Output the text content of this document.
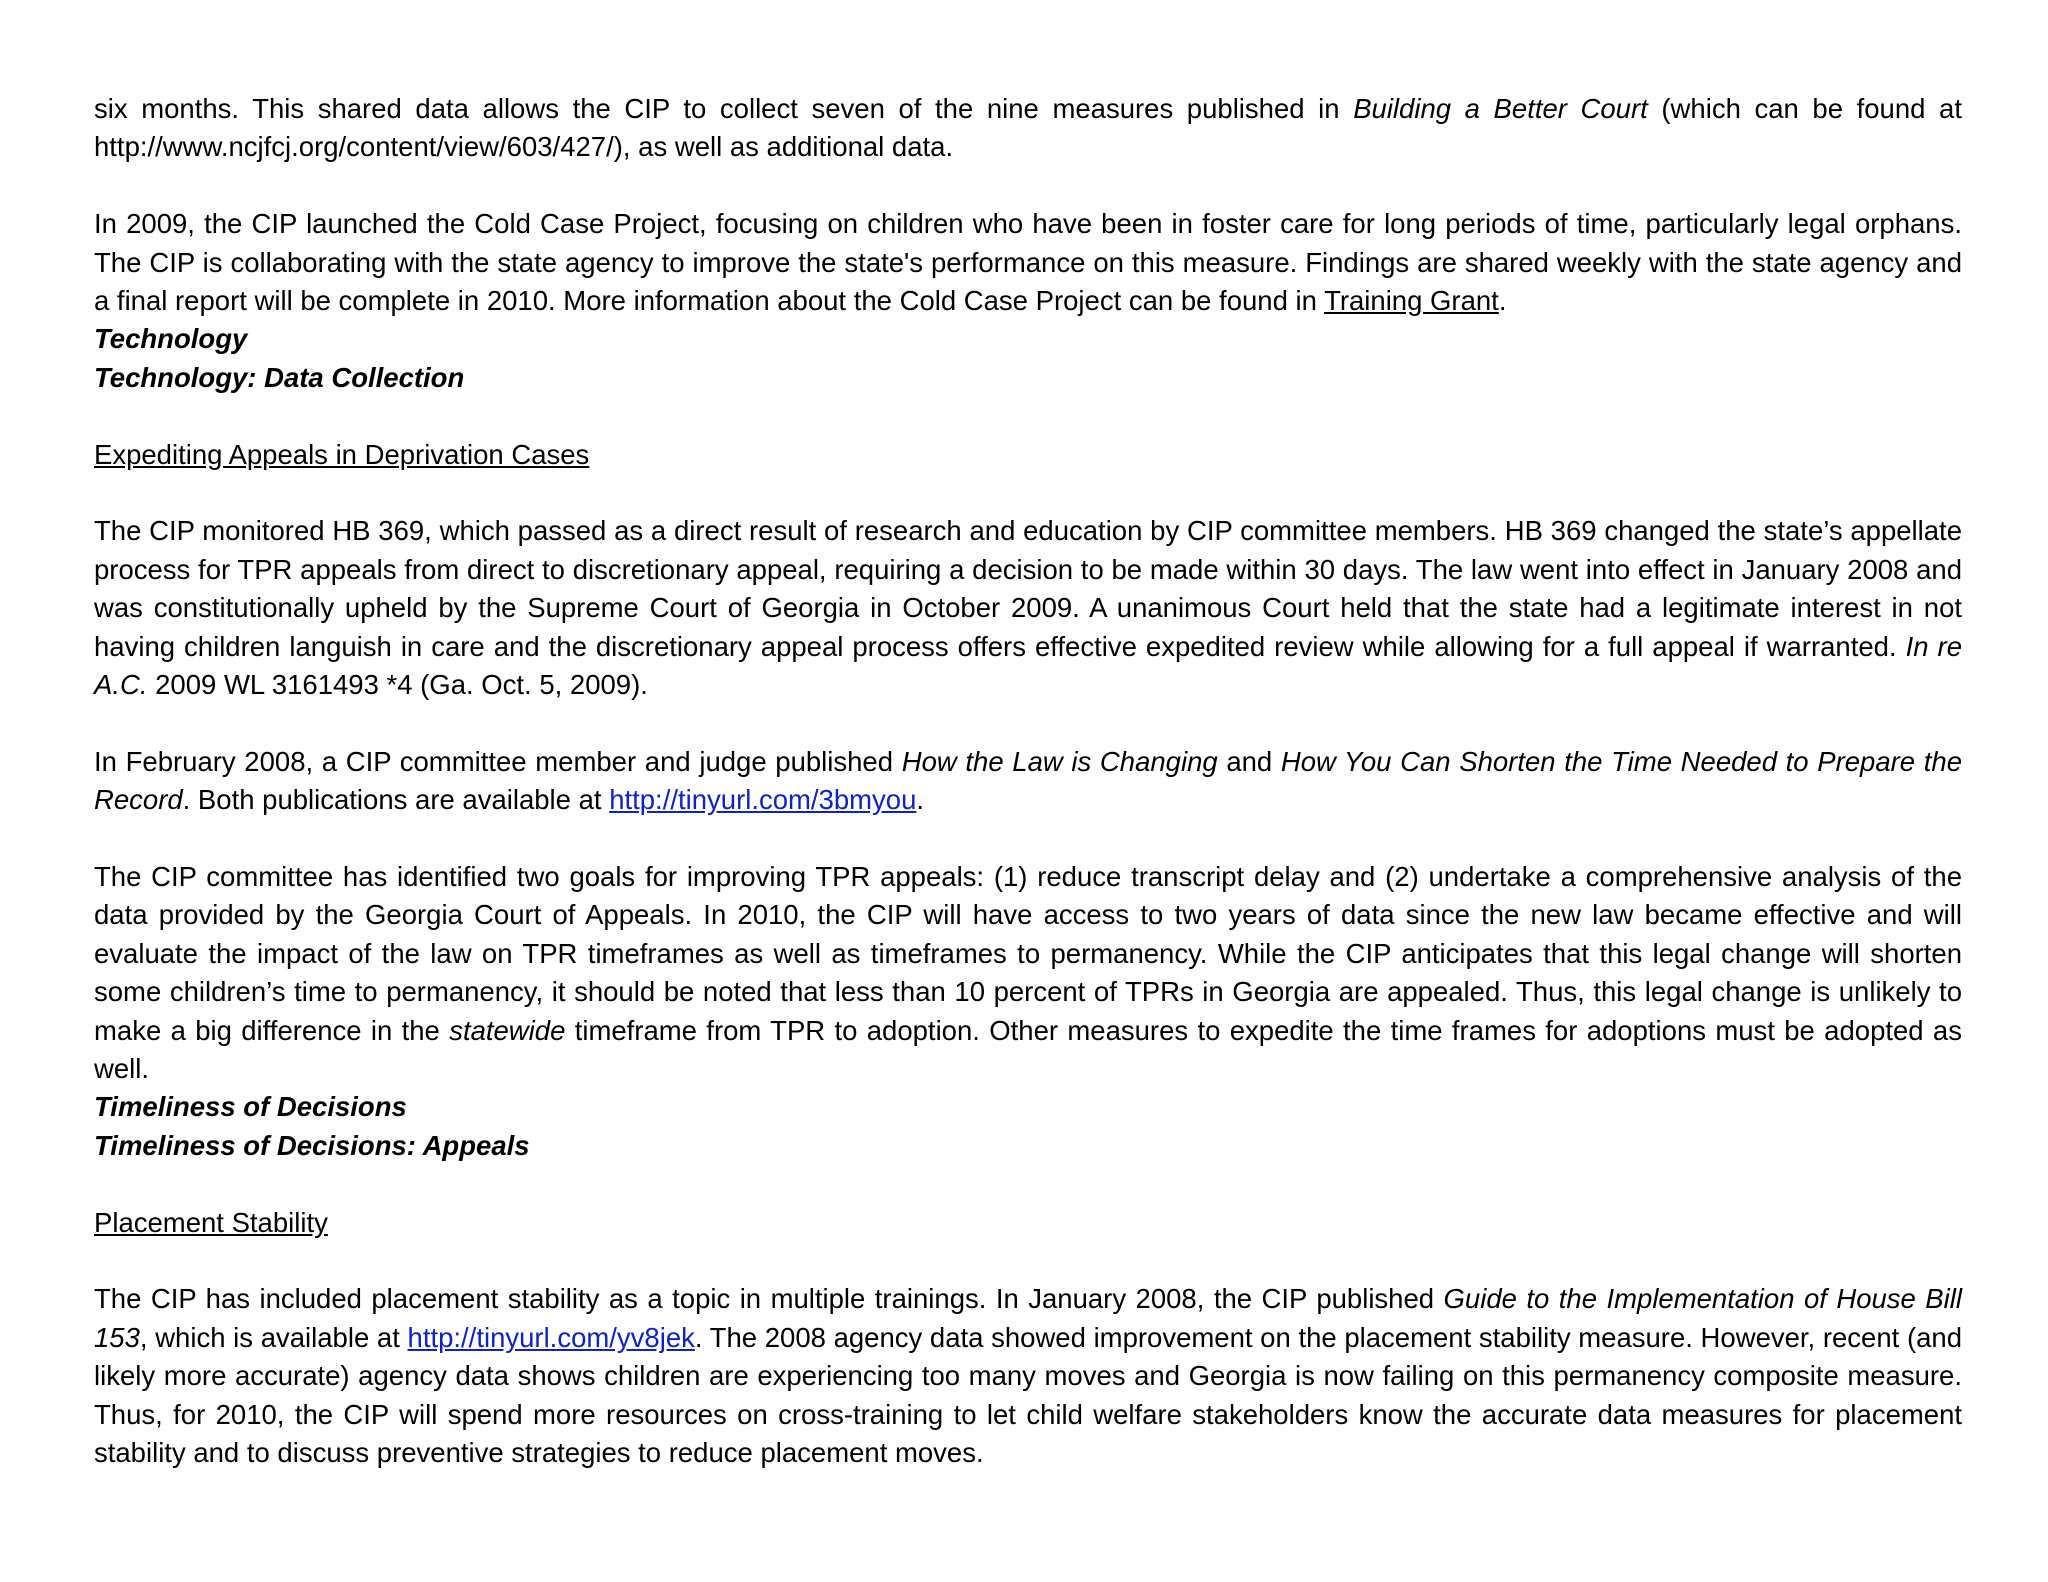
six months. This shared data allows the CIP to collect seven of the nine measures published in Building a Better Court (which can be found at http://www.ncjfcj.org/content/view/603/427/), as well as additional data.

In 2009, the CIP launched the Cold Case Project, focusing on children who have been in foster care for long periods of time, particularly legal orphans. The CIP is collaborating with the state agency to improve the state's performance on this measure. Findings are shared weekly with the state agency and a final report will be complete in 2010. More information about the Cold Case Project can be found in Training Grant.

Technology
Technology: Data Collection
Expediting Appeals in Deprivation Cases

The CIP monitored HB 369, which passed as a direct result of research and education by CIP committee members. HB 369 changed the state’s appellate process for TPR appeals from direct to discretionary appeal, requiring a decision to be made within 30 days. The law went into effect in January 2008 and was constitutionally upheld by the Supreme Court of Georgia in October 2009. A unanimous Court held that the state had a legitimate interest in not having children languish in care and the discretionary appeal process offers effective expedited review while allowing for a full appeal if warranted. In re A.C. 2009 WL 3161493 *4 (Ga. Oct. 5, 2009).

In February 2008, a CIP committee member and judge published How the Law is Changing and How You Can Shorten the Time Needed to Prepare the Record. Both publications are available at http://tinyurl.com/3bmyou.

The CIP committee has identified two goals for improving TPR appeals: (1) reduce transcript delay and (2) undertake a comprehensive analysis of the data provided by the Georgia Court of Appeals. In 2010, the CIP will have access to two years of data since the new law became effective and will evaluate the impact of the law on TPR timeframes as well as timeframes to permanency. While the CIP anticipates that this legal change will shorten some children’s time to permanency, it should be noted that less than 10 percent of TPRs in Georgia are appealed. Thus, this legal change is unlikely to make a big difference in the statewide timeframe from TPR to adoption. Other measures to expedite the time frames for adoptions must be adopted as well.

Timeliness of Decisions
Timeliness of Decisions: Appeals
Placement Stability

The CIP has included placement stability as a topic in multiple trainings. In January 2008, the CIP published Guide to the Implementation of House Bill 153, which is available at http://tinyurl.com/yv8jek. The 2008 agency data showed improvement on the placement stability measure. However, recent (and likely more accurate) agency data shows children are experiencing too many moves and Georgia is now failing on this permanency composite measure. Thus, for 2010, the CIP will spend more resources on cross-training to let child welfare stakeholders know the accurate data measures for placement stability and to discuss preventive strategies to reduce placement moves.
